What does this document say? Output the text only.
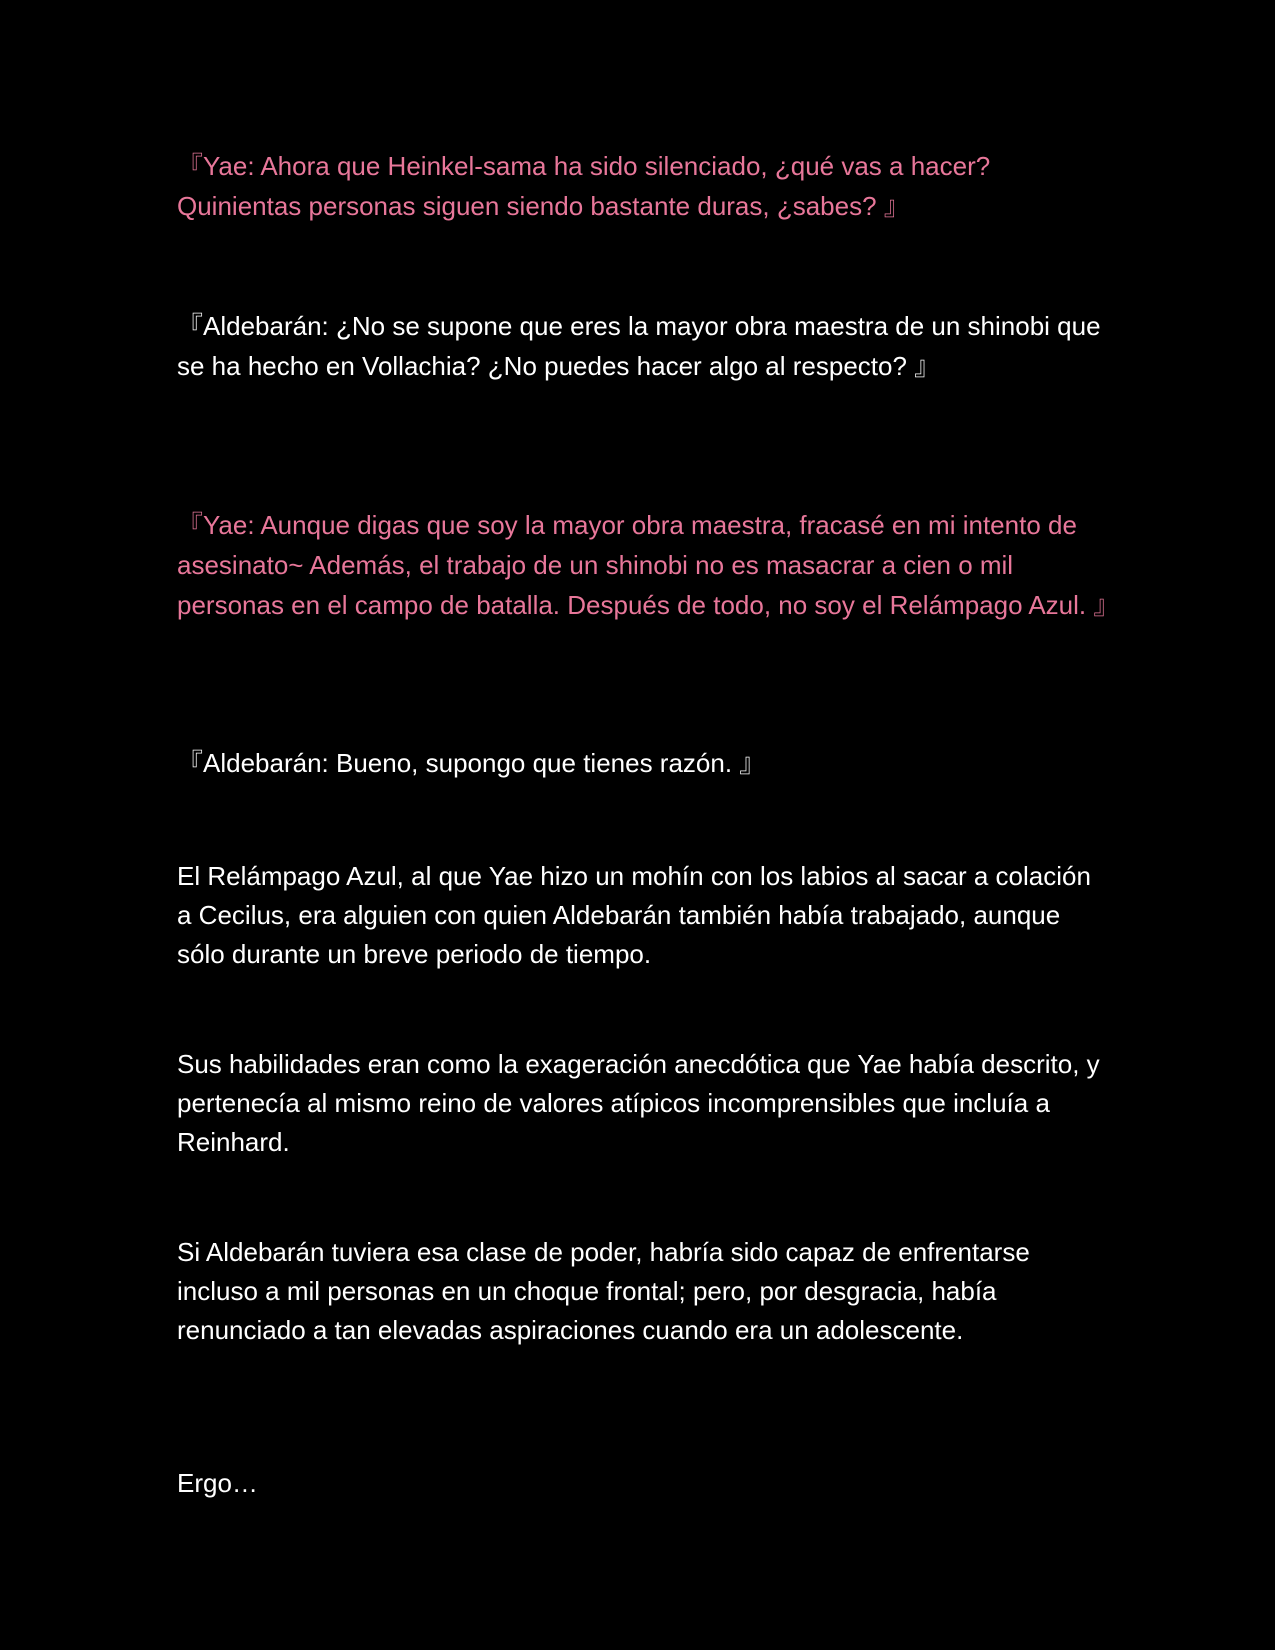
『Yae: Ahora que Heinkel-sama ha sido silenciado, ¿qué vas a hacer? Quinientas personas siguen siendo bastante duras, ¿sabes? 』

『Aldebarán: ¿No se supone que eres la mayor obra maestra de un shinobi que se ha hecho en Vollachia? ¿No puedes hacer algo al respecto? 』

『Yae: Aunque digas que soy la mayor obra maestra, fracasé en mi intento de asesinato~ Además, el trabajo de un shinobi no es masacrar a cien o mil personas en el campo de batalla. Después de todo, no soy el Relámpago Azul. 』

『Aldebarán: Bueno, supongo que tienes razón. 』

El Relámpago Azul, al que Yae hizo un mohín con los labios al sacar a colación a Cecilus, era alguien con quien Aldebarán también había trabajado, aunque sólo durante un breve periodo de tiempo.

Sus habilidades eran como la exageración anecdótica que Yae había descrito, y pertenecía al mismo reino de valores atípicos incomprensibles que incluía a Reinhard.

Si Aldebarán tuviera esa clase de poder, habría sido capaz de enfrentarse incluso a mil personas en un choque frontal; pero, por desgracia, había renunciado a tan elevadas aspiraciones cuando era un adolescente.

Ergo…
